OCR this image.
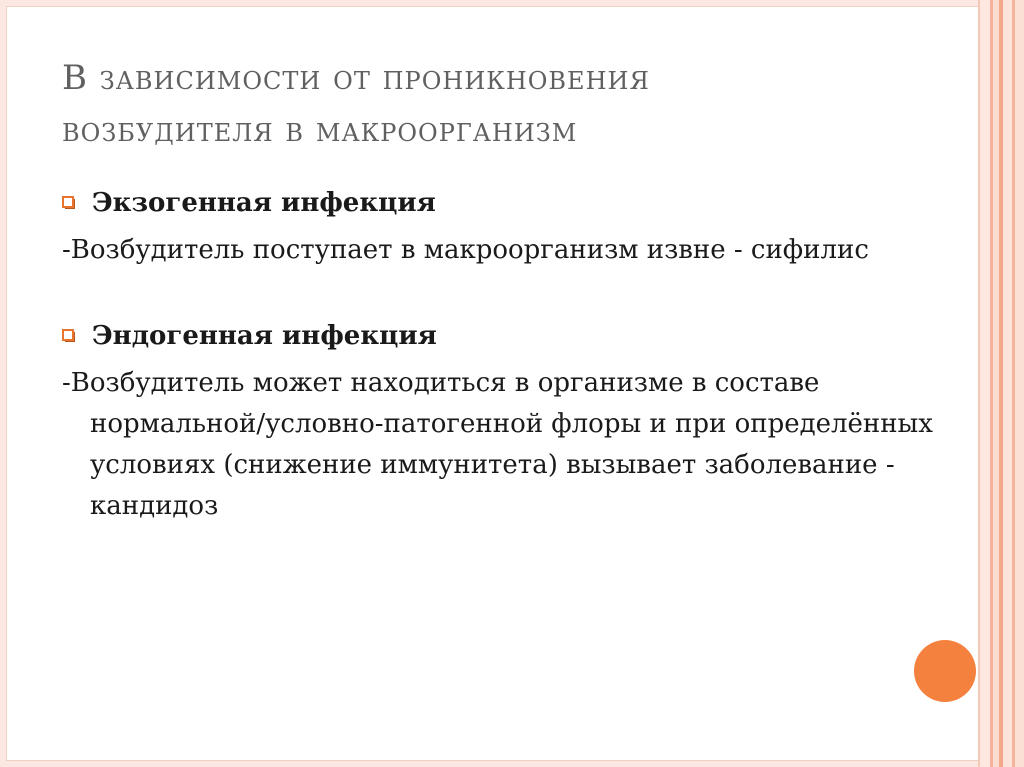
В зависимости от проникновения
возбудителя в макроорганизм
Экзогенная инфекция

-Возбудитель поступает в макроорганизм извне - сифилис

Эндогенная инфекция

-Возбудитель может находиться в организме в составе нормальной/условно-патогенной флоры и при определённых условиях (снижение иммунитета) вызывает заболевание - кандидоз
